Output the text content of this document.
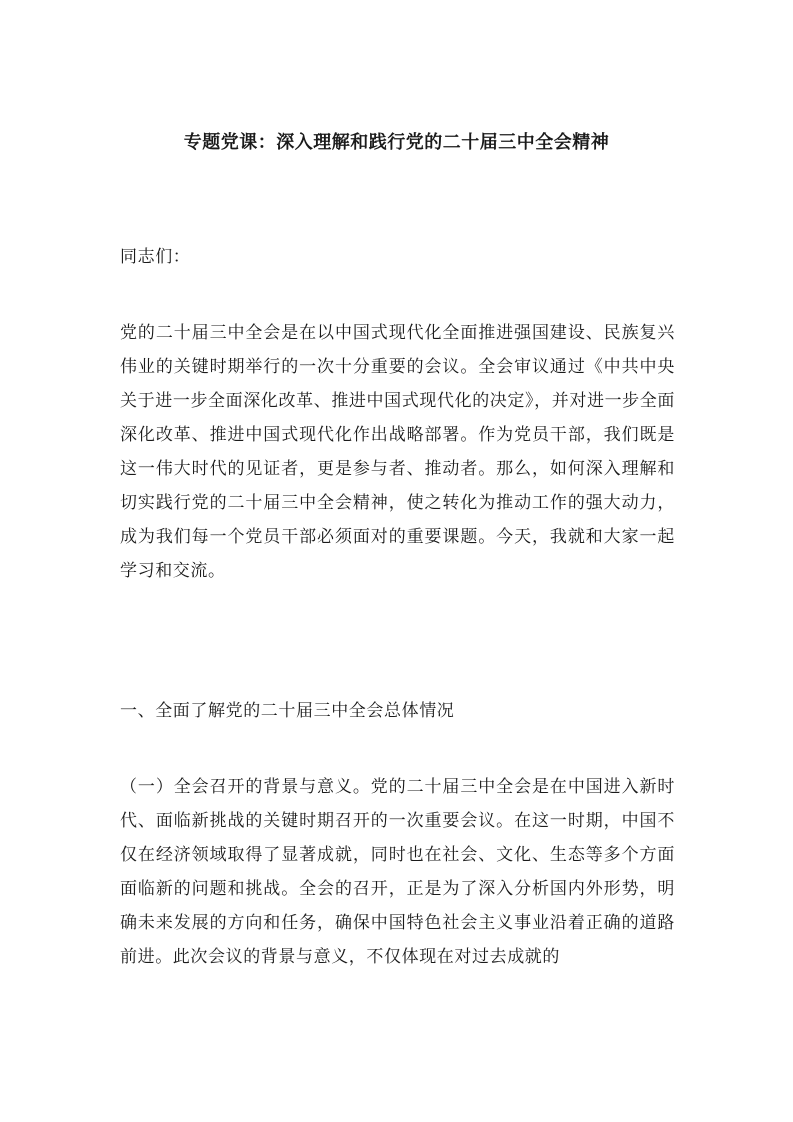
专题党课：深入理解和践行党的二十届三中全会精神
同志们：
党的二十届三中全会是在以中国式现代化全面推进强国建设、民族复兴伟业的关键时期举行的一次十分重要的会议。全会审议通过《中共中央关于进一步全面深化改革、推进中国式现代化的决定》，并对进一步全面深化改革、推进中国式现代化作出战略部署。作为党员干部，我们既是这一伟大时代的见证者，更是参与者、推动者。那么，如何深入理解和切实践行党的二十届三中全会精神，使之转化为推动工作的强大动力，成为我们每一个党员干部必须面对的重要课题。今天，我就和大家一起学习和交流。
一、全面了解党的二十届三中全会总体情况
（一）全会召开的背景与意义。党的二十届三中全会是在中国进入新时代、面临新挑战的关键时期召开的一次重要会议。在这一时期，中国不仅在经济领域取得了显著成就，同时也在社会、文化、生态等多个方面面临新的问题和挑战。全会的召开，正是为了深入分析国内外形势，明确未来发展的方向和任务，确保中国特色社会主义事业沿着正确的道路前进。此次会议的背景与意义，不仅体现在对过去成就的
